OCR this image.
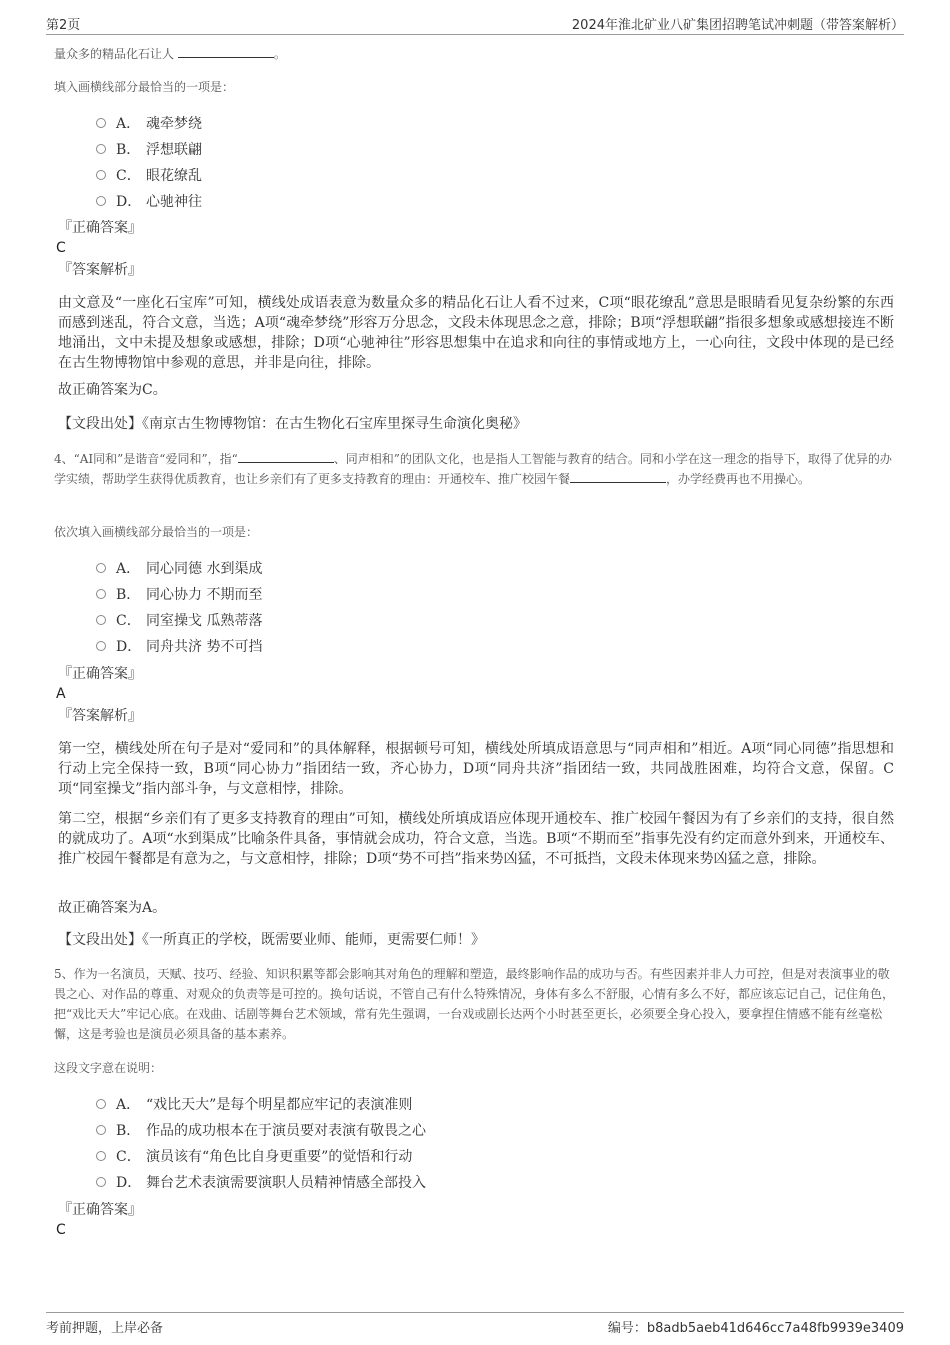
第2页	2024年淮北矿业八矿集团招聘笔试冲刺题（带答案解析）
量众多的精品化石让人	。
填入画横线部分最恰当的一项是：
A． 魂牵梦绕
B． 浮想联翩
C． 眼花缭乱
D． 心驰神往
『正确答案』
C
『答案解析』
由文意及“一座化石宝库”可知，横线处成语表意为数量众多的精品化石让人看不过来，C项“眼花缭乱”意思是眼睛看见复杂纷繁的东西而感到迷乱，符合文意，当选；A项“魂牵梦绕”形容万分思念，文段未体现思念之意，排除；B项“浮想联翩”指很多想象或感想接连不断地涌出，文中未提及想象或感想，排除；D项“心驰神往”形容思想集中在追求和向往的事情或地方上，一心向往，文段中体现的是已经在古生物博物馆中参观的意思，并非是向往，排除。
故正确答案为C。
【文段出处】《南京古生物博物馆：在古生物化石宝库里探寻生命演化奥秘》
4、“AI同和”是谐音“爱同和”，指“	、同声相和”的团队文化，也是指人工智能与教育的结合。同和小学在这一理念的指导下，取得了优异的办学实绩，帮助学生获得优质教育，也让乡亲们有了更多支持教育的理由：开通校车、推广校园午餐	，办学经费再也不用操心。
依次填入画横线部分最恰当的一项是：
A． 同心同德 水到渠成
B． 同心协力 不期而至
C． 同室操戈 瓜熟蒂落
D． 同舟共济 势不可挡
『正确答案』
A
『答案解析』
第一空，横线处所在句子是对“爱同和”的具体解释，根据顿号可知，横线处所填成语意思与“同声相和”相近。A项“同心同德”指思想和行动上完全保持一致，B项“同心协力”指团结一致，齐心协力，D项“同舟共济”指团结一致，共同战胜困难，均符合文意，保留。C项“同室操戈”指内部斗争，与文意相悖，排除。
第二空，根据“乡亲们有了更多支持教育的理由”可知，横线处所填成语应体现开通校车、推广校园午餐因为有了乡亲们的支持，很自然的就成功了。A项“水到渠成”比喻条件具备，事情就会成功，符合文意，当选。B项“不期而至”指事先没有约定而意外到来，开通校车、推广校园午餐都是有意为之，与文意相悖，排除；D项“势不可挡”指来势凶猛，不可抵挡，文段未体现来势凶猛之意，排除。
故正确答案为A。
【文段出处】《一所真正的学校，既需要业师、能师，更需要仁师！》
5、作为一名演员，天赋、技巧、经验、知识积累等都会影响其对角色的理解和塑造，最终影响作品的成功与否。有些因素并非人力可控，但是对表演事业的敬畏之心、对作品的尊重、对观众的负责等是可控的。换句话说，不管自己有什么特殊情况，身体有多么不舒服，心情有多么不好，都应该忘记自己，记住角色，把“戏比天大”牢记心底。在戏曲、话剧等舞台艺术领域，常有先生强调，一台戏或剧长达两个小时甚至更长，必须要全身心投入，要拿捏住情感不能有丝毫松懈，这是考验也是演员必须具备的基本素养。
这段文字意在说明：
A． “戏比天大”是每个明星都应牢记的表演准则
B． 作品的成功根本在于演员要对表演有敬畏之心
C． 演员该有“角色比自身更重要”的觉悟和行动
D． 舞台艺术表演需要演职人员精神情感全部投入
『正确答案』
C
考前押题，上岸必备	编号：b8adb5aeb41d646cc7a48fb9939e3409
